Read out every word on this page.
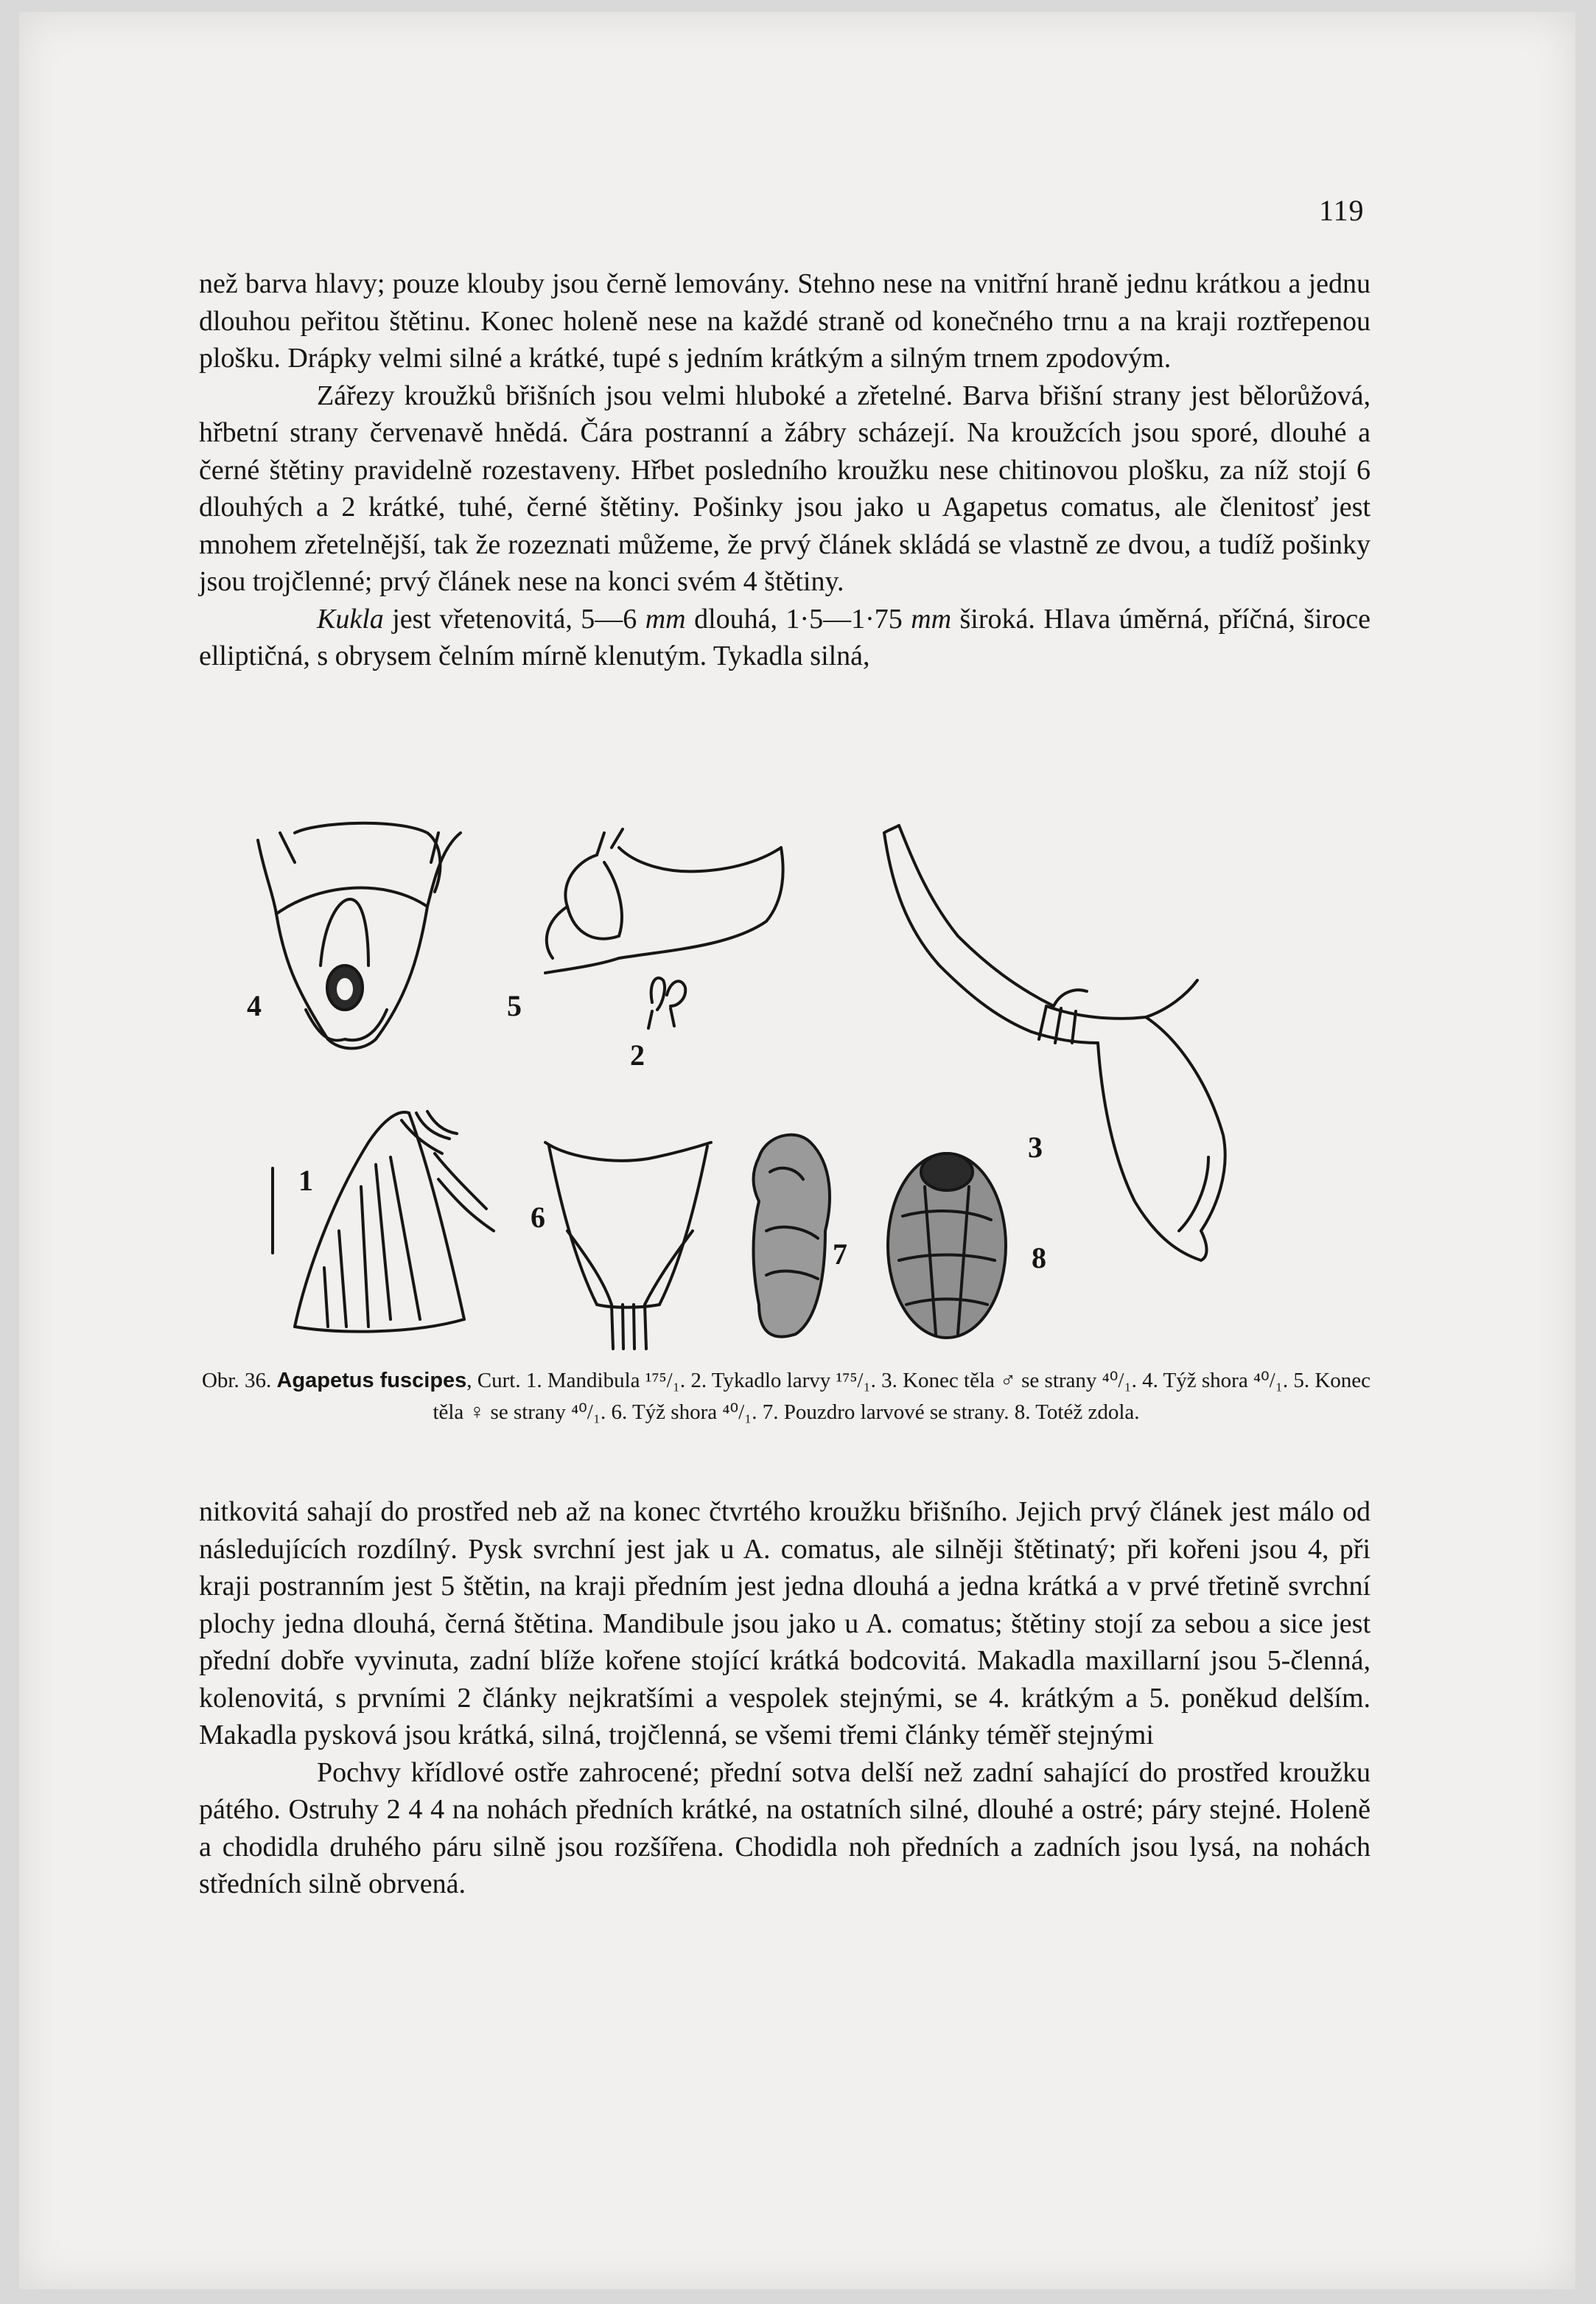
119

než barva hlavy; pouze klouby jsou černě lemovány. Stehno nese na vnitřní hraně jednu krátkou a jednu dlouhou peřitou štětinu. Konec holeně nese na každé straně od konečného trnu a na kraji roztřepenou plošku. Drápky velmi silné a krátké, tupé s jedním krátkým a silným trnem zpodovým.

Zářezy kroužků břišních jsou velmi hluboké a zřetelné. Barva břišní strany jest bělorůžová, hřbetní strany červenavě hnědá. Čára postranní a žábry scházejí. Na kroužcích jsou sporé, dlouhé a černé štětiny pravidelně rozestaveny. Hřbet posledního kroužku nese chitinovou plošku, za níž stojí 6 dlouhých a 2 krátké, tuhé, černé štětiny. Pošinky jsou jako u Agapetus comatus, ale členitosť jest mnohem zřetelnější, tak že rozeznati můžeme, že prvý článek skládá se vlastně ze dvou, a tudíž pošinky jsou trojčlenné; prvý článek nese na konci svém 4 štětiny.

Kukla jest vřetenovitá, 5—6 mm dlouhá, 1·5—1·75 mm široká. Hlava úměrná, příčná, široce elliptičná, s obrysem čelním mírně klenutým. Tykadla silná,

4	5
2
3
1
6
7	8
Obr. 36. Agapetus fuscipes, Curt. 1. Mandibula ¹⁷⁵/₁. 2. Tykadlo larvy ¹⁷⁵/₁. 3. Konec těla ♂ se strany ⁴⁰/₁. 4. Týž shora ⁴⁰/₁. 5. Konec těla ♀ se strany ⁴⁰/₁. 6. Týž shora ⁴⁰/₁. 7. Pouzdro larvové se strany. 8. Totéž zdola.

nitkovitá sahají do prostřed neb až na konec čtvrtého kroužku břišního. Jejich prvý článek jest málo od následujících rozdílný. Pysk svrchní jest jak u A. comatus, ale silněji štětinatý; při kořeni jsou 4, při kraji postranním jest 5 štětin, na kraji předním jest jedna dlouhá a jedna krátká a v prvé třetině svrchní plochy jedna dlouhá, černá štětina. Mandibule jsou jako u A. comatus; štětiny stojí za sebou a sice jest přední dobře vyvinuta, zadní blíže kořene stojící krátká bodcovitá. Makadla maxillarní jsou 5-členná, kolenovitá, s prvními 2 články nejkratšími a vespolek stejnými, se 4. krátkým a 5. poněkud delším. Makadla pysková jsou krátká, silná, trojčlenná, se všemi třemi články téměř stejnými

Pochvy křídlové ostře zahrocené; přední sotva delší než zadní sahající do prostřed kroužku pátého. Ostruhy 2 4 4 na nohách předních krátké, na ostatních silné, dlouhé a ostré; páry stejné. Holeně a chodidla druhého páru silně jsou rozšířena. Chodidla noh předních a zadních jsou lysá, na nohách středních silně obrvená.
